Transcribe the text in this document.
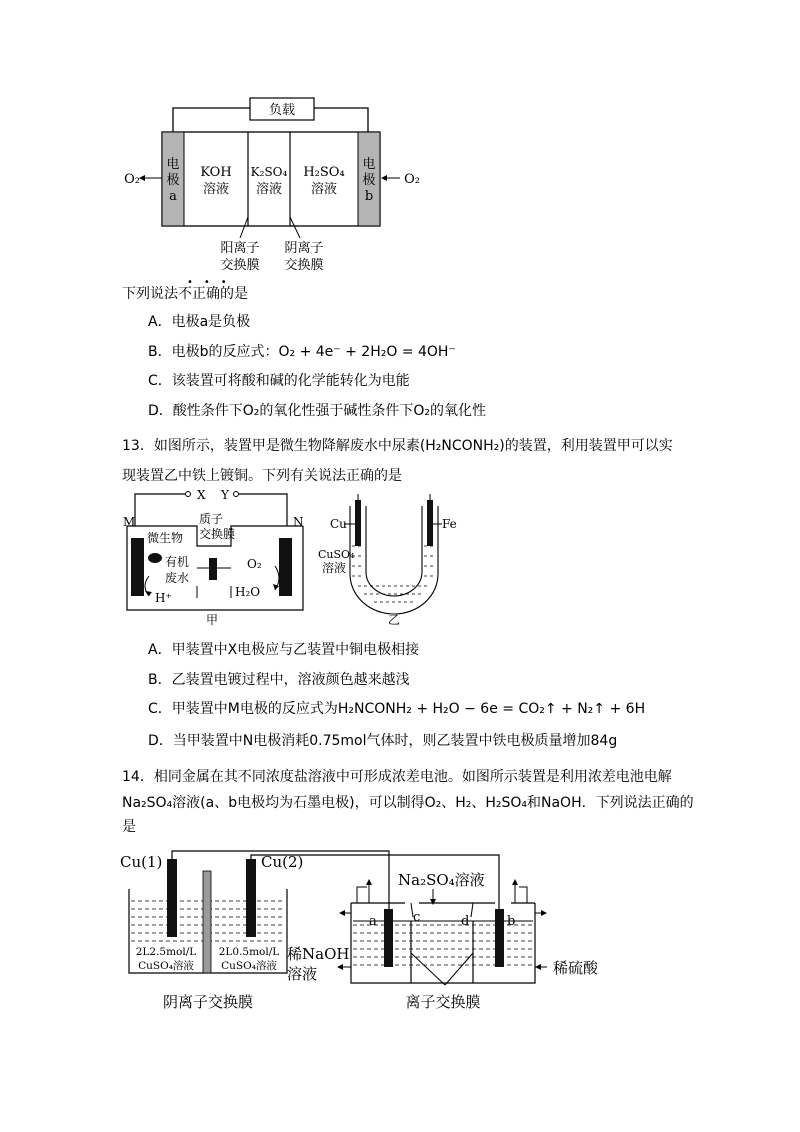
负载
电
极
a
电
极
b
KOH
溶液
K₂SO₄
溶液
H₂SO₄
溶液
O₂	O₂
阳离子
交换膜
阴离子
交换膜
•••
下列说法不正确的是
A．电极a是负极
B．电极b的反应式：O₂ + 4e⁻ + 2H₂O = 4OH⁻
C．该装置可将酸和碱的化学能转化为电能
D．酸性条件下O₂的氧化性强于碱性条件下O₂的氧化性
13．如图所示，装置甲是微生物降解废水中尿素(H₂NCONH₂)的装置，利用装置甲可以实
现装置乙中铁上镀铜。下列有关说法正确的是
X Y
M	N
微生物
质子
交换膜
有机
废水
H⁺
O₂
H₂O
甲
Cu	Fe
CuSO₄
溶液
乙
A．甲装置中X电极应与乙装置中铜电极相接
B．乙装置电镀过程中，溶液颜色越来越浅
C．甲装置中M电极的反应式为H₂NCONH₂ + H₂O − 6e = CO₂↑ + N₂↑ + 6H
D．当甲装置中N电极消耗0.75mol气体时，则乙装置中铁电极质量增加84g
14．相同金属在其不同浓度盐溶液中可形成浓差电池。如图所示装置是利用浓差电池电解
Na₂SO₄溶液(a、b电极均为石墨电极)，可以制得O₂、H₂、H₂SO₄和NaOH．下列说法正确的
是
Cu(1)	Cu(2)
2L2.5mol/L
CuSO₄溶液
2L0.5mol/L
CuSO₄溶液
阴离子交换膜
a	c	d	b
Na₂SO₄溶液
稀NaOH
溶液	稀硫酸
离子交换膜
